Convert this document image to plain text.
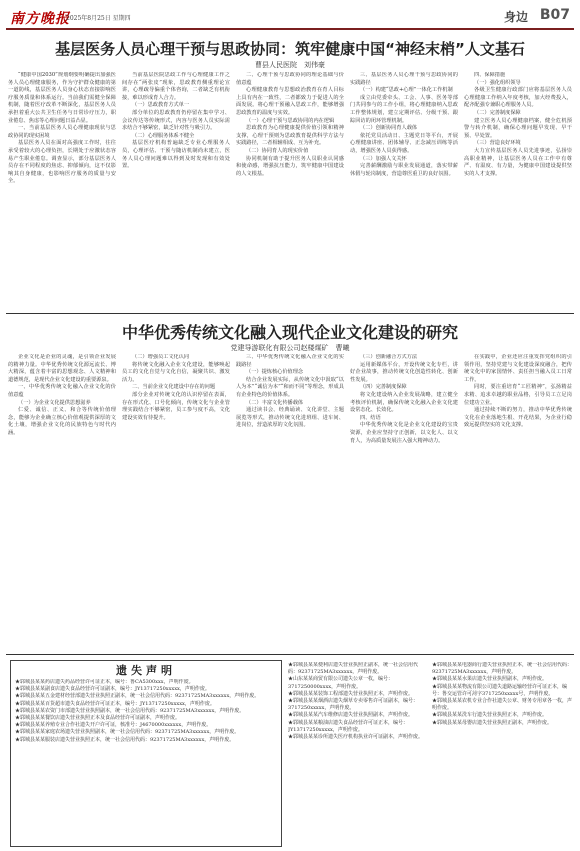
南方晚报
2025年8月25日 星期四	身边 B07
基层医务人员心理干预与思政协同：筑牢健康中国“神经末梢”人文基石
曹县人民医院　刘伟豪

“健康中国2030”规划纲要明确提出加强医务人员心理健康服务，作为守护群众健康的第一道防线，基层医务人员身心状态直接影响医疗服务质量和体系运行。当前我们需健全保障机制，随着医疗改革不断深化，基层医务人员承担着重大公共卫生任务与日常诊疗压力，职业倦怠、焦虑等心理问题日益凸显。

一、当前基层医务人员心理健康现状与思政协同的现实困境

基层医务人员在面对高强度工作时，往往承受着较大的心理负担，长期处于应激状态容易产生职业倦怠。调查显示，部分基层医务人员存在不同程度的焦虑、抑郁倾向，这不仅影响其自身健康，也影响医疗服务的质量与安全。

当前基层医院思政工作与心理健康工作之间存在“两张皮”现象，思政教育侧重理论宣讲，心理疏导偏重个体咨询，二者缺乏有机衔接，难以形成育人合力。

（一）思政教育方式单一

部分单位的思政教育仍停留在集中学习、会议传达等传统形式，内容与医务人员实际需求结合不够紧密，缺乏针对性与吸引力。

（二）心理服务体系不健全

基层医疗机构普遍缺乏专业心理服务人员，心理评估、干预与随访机制尚未建立，医务人员心理问题难以得到及时发现和有效处置。

二、心理干预与思政协同的理论基础与价值意蕴

心理健康教育与思想政治教育在育人目标上具有内在一致性，二者都致力于促进人的全面发展。将心理干预融入思政工作，能够增强思政教育的温度与实效。

（一）心理干预与思政协同的内在逻辑

思政教育为心理健康提供价值引领和精神支撑，心理干预则为思政教育提供科学方法与实践路径，二者相辅相成、互为补充。

（二）协同育人的现实价值

协同机制有助于提升医务人员职业认同感和使命感，增强抗压能力，筑牢健康中国建设的人文根基。

三、基层医务人员心理干预与思政协同的实践路径

（一）构建“思政+心理”一体化工作机制

成立由党委牵头、工会、人事、医务等部门共同参与的工作小组，将心理健康纳入思政工作整体规划，建立定期评估、分级干预、跟踪回访的闭环管理机制。

（二）创新协同育人载体

依托党员活动日、主题党日等平台，开展心理健康讲座、团体辅导、正念减压训练等活动，增强医务人员获得感。

（三）加强人文关怀

完善薪酬激励与职业发展通道，落实带薪休假与轮岗制度，营造尊医重卫的良好氛围。

四、保障措施

（一）强化组织领导

各级卫生健康行政部门应将基层医务人员心理健康工作纳入年度考核，加大经费投入，配齐配强专兼职心理服务人员。

（二）完善制度保障

建立医务人员心理健康档案，健全危机预警与转介机制，确保心理问题早发现、早干预、早处置。

（三）营造良好环境

大力宣传基层医务人员先进事迹，弘扬崇高职业精神，让基层医务人员在工作中有尊严、有温度、有力量，为健康中国建设提供坚实的人才支撑。

中华优秀传统文化融入现代企业文化建设的研究
党建导游联化有限公司赵楼煤矿　曹曦

企业文化是企业的灵魂，是引领企业发展的精神力量。中华优秀传统文化源远流长、博大精深，蕴含着丰富的思想观念、人文精神和道德规范，是现代企业文化建设的重要源泉。

一、中华优秀传统文化融入企业文化的价值意蕴

（一）为企业文化提供思想滋养

仁爱、诚信、正义、和合等传统价值理念，能够为企业确立核心价值观提供深厚的文化土壤，增强企业文化的民族特色与时代内涵。

（二）增强员工文化认同

将传统文化融入企业文化建设，能够唤起员工的文化自觉与文化自信，凝聚共识、激发活力。

二、当前企业文化建设中存在的问题

部分企业对传统文化的认识停留在表面，存在形式化、口号化倾向，传统文化与企业管理实践结合不够紧密，员工参与度不高，文化建设实效有待提升。

三、中华优秀传统文化融入企业文化的实践路径

（一）提炼核心价值理念

结合企业发展实际，从传统文化中汲取“以人为本”“诚信为本”“和而不同”等理念，形成具有企业特色的价值体系。

（二）丰富文化传播载体

通过读书会、经典诵读、文化讲堂、主题展览等形式，推动传统文化进班组、进车间、进岗位，营造浓厚的文化氛围。

（三）创新融合方式方法

运用新媒体平台，开设传统文化专栏，讲好企业故事，推动传统文化创造性转化、创新性发展。

（四）完善制度保障

将文化建设纳入企业发展战略，建立健全考核评价机制，确保传统文化融入企业文化建设常态化、长效化。

四、结语

中华优秀传统文化是企业文化建设的宝贵资源，企业应坚持守正创新，以文化人、以文育人，为高质量发展注入强大精神动力。

在实践中，企业还应注重发挥党组织的引领作用，坚持党建与文化建设深度融合，把传统文化中的家国情怀、责任担当融入员工日常工作。

同时，要注重培育“工匠精神”，弘扬精益求精、追求卓越的职业品格，引导员工立足岗位建功立业。

通过持续不断的努力，推动中华优秀传统文化在企业落地生根、开花结果，为企业行稳致远提供坚实的文化支撑。

遗失声明

★郓城县某某药店遗失药品经营许可证正本，编号：鲁CA5300xxx，声明作废。

★郓城县某某副食店遗失食品经营许可证副本，编号：JY13717250xxxxx，声明作废。

★郓城县某某五金建材经营部遗失营业执照正副本，统一社会信用代码：92371725MA3xxxxxx，声明作废。

★郓城县某某百货超市遗失食品经营许可证正本，编号：JY13717250xxxxx，声明作废。

★郓城县某某农资门市部遗失营业执照副本，统一社会信用代码：92371725MA3xxxxxx，声明作废。

★郓城县某某餐饮店遗失营业执照正本及食品经营许可证副本，声明作废。

★郓城县某某养殖专业合作社遗失开户许可证，核准号：J4670000xxxxxx，声明作废。

★郓城县某某家庭农场遗失营业执照副本，统一社会信用代码：92371725MA3xxxxxx，声明作废。

★郓城县某某服装店遗失营业执照正本，统一社会信用代码：92371725MA3xxxxxx，声明作废。

★郓城县某某便利店遗失营业执照正副本，统一社会信用代码：92371725MA3xxxxxx，声明作废。

★山东某某商贸有限公司遗失公章一枚，编号：3717250000xxxx，声明作废。

★郓城县某某装饰工程部遗失营业执照正本，声明作废。

★郓城县某某烟酒店遗失烟草专卖零售许可证副本，编号：3717250xxxxx，声明作废。

★郓城县某某汽车维修店遗失营业执照副本，声明作废。

★郓城县某某粮油店遗失食品经营许可证正本，编号：JY13717250xxxxx，声明作废。

★郓城县某某诊所遗失医疗机构执业许可证副本，声明作废。

★郓城县某某电器商行遗失营业执照正本，统一社会信用代码：92371725MA3xxxxxx，声明作废。

★郓城县某某水果店遗失营业执照副本，声明作废。

★郓城县某某物流有限公司遗失道路运输经营许可证正本，编号：鲁交运管许可菏字3717250xxxxx号，声明作废。

★郓城县某某农机专业合作社遗失公章、财务专用章各一枚，声明作废。

★郓城县某某洗车行遗失营业执照正本，声明作废。

★郓城县某某母婴店遗失营业执照正副本，声明作废。
